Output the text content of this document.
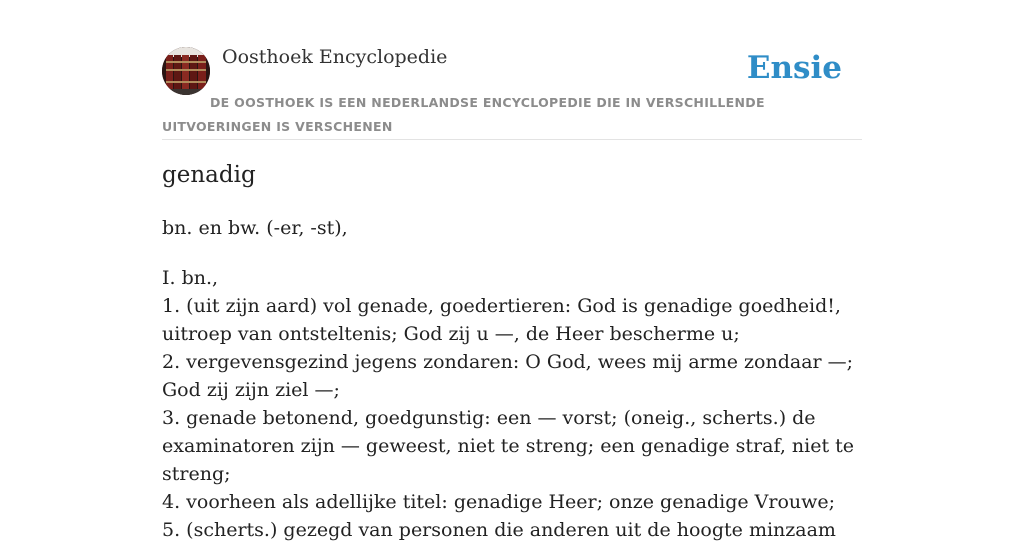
Oosthoek Encyclopedie	Ensie
DE OOSTHOEK IS EEN NEDERLANDSE ENCYCLOPEDIE DIE IN VERSCHILLENDE UITVOERINGEN IS VERSCHENEN
genadig
bn. en bw. (-er, -st),
I. bn.,
1. (uit zijn aard) vol genade, goedertieren: God is genadige goedheid!, uitroep van ontsteltenis; God zij u —, de Heer bescherme u;
2. vergevensgezind jegens zondaren: O God, wees mij arme zondaar —; God zij zijn ziel —;
3. genade betonend, goedgunstig: een — vorst; (oneig., scherts.) de examinatoren zijn — geweest, niet te streng; een genadige straf, niet te streng;
4. voorheen als adellijke titel: genadige Heer; onze genadige Vrouwe;
5. (scherts.) gezegd van personen die anderen uit de hoogte minzaam
